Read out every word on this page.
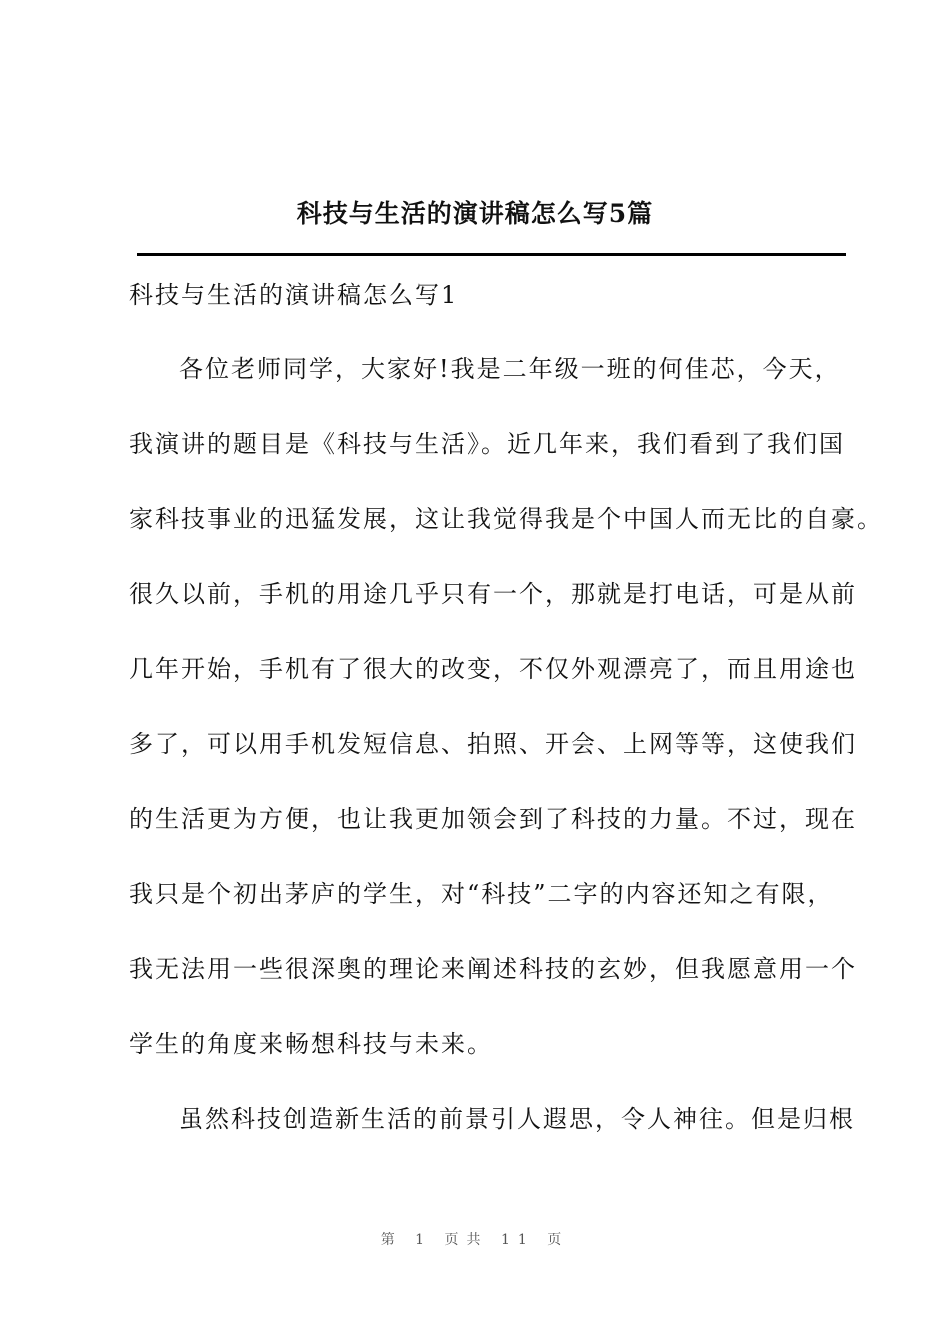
科技与生活的演讲稿怎么写5篇
科技与生活的演讲稿怎么写1
各位老师同学，大家好!我是二年级一班的何佳芯，今天，
我演讲的题目是《科技与生活》。近几年来，我们看到了我们国
家科技事业的迅猛发展，这让我觉得我是个中国人而无比的自豪。
很久以前，手机的用途几乎只有一个，那就是打电话，可是从前
几年开始，手机有了很大的改变，不仅外观漂亮了，而且用途也
多了，可以用手机发短信息、拍照、开会、上网等等，这使我们
的生活更为方便，也让我更加领会到了科技的力量。不过，现在
我只是个初出茅庐的学生，对“科技”二字的内容还知之有限，
我无法用一些很深奥的理论来阐述科技的玄妙，但我愿意用一个
学生的角度来畅想科技与未来。
虽然科技创造新生活的前景引人遐思，令人神往。但是归根
第 1 页共 11 页
